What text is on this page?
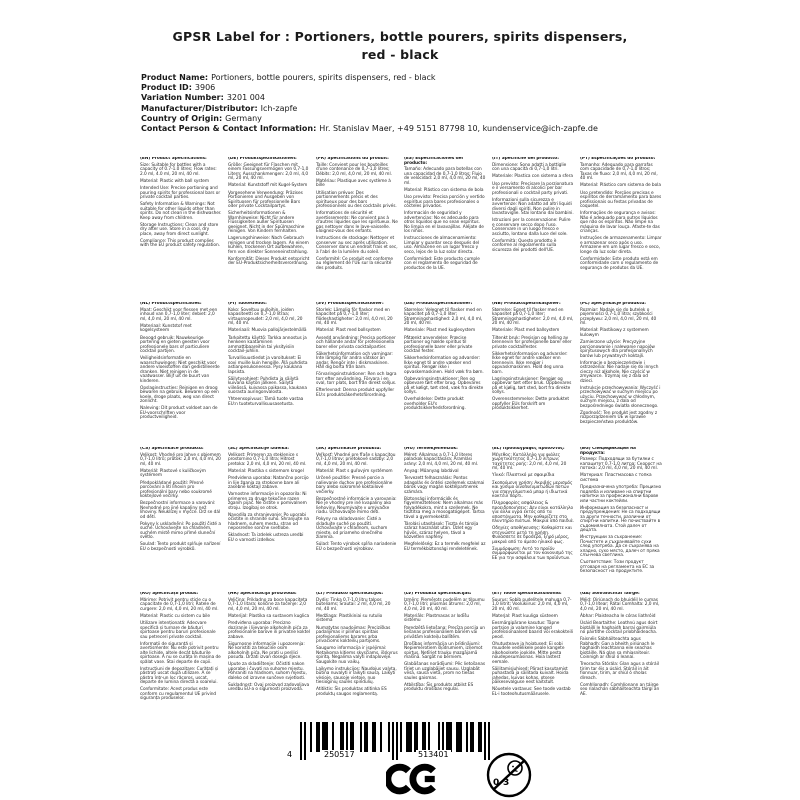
GPSR Label for : Portioners, bottle pourers, spirits dispensers,
red - black
Product Name: Portioners, bottle pourers, spirits dispensers, red - black
Product ID: 3906
Variation Number: 3201 004
Manufacturer/Distributor: Ich-zapfe
Country of Origin: Germany
Contact Person & Contact Information: Hr. Stanislav Maer, +49 5151 87798 10, kundenservice@ich-zapfe.de
(EN) Product Specifications:

Size: Suitable for bottles with a capacity of 0.7-1.0 litres; Flow rates: 2.0 ml, 4.0 ml, 20 ml, 40 ml.

Material: Plastic with ball system

Intended Use: Precise portioning and pouring spirits for professional bars or private cocktail parties.

Safety Information & Warnings: Not suitable for other liquids other than spirits. Do not clean in the dishwasher. Keep away from children.

Storage Instructions: Clean and store dry after use. Store in a cool, dry place, away from direct sunlight.

Compliance: This product complies with the EU product safety regulation.

(DE) Produktspezifikationen:

Größe: Geeignet für Flaschen mit einem Fassungsvermögen von 0,7-1,0 Litern; Ausschankmengen: 2,0 ml, 4,0 ml, 20 ml, 40 ml.

Material: Kunststoff mit Kugel-System

Vorgesehene Verwendung: Präzises Portionieren und Ausgeben von Spirituosen für professionelle Bars oder private Cocktailpartys.

Sicherheitsinformationen & Warnhinweise: Nicht für andere Flüssigkeiten außer Spirituosen geeignet. Nicht in der Spülmaschine reinigen. Von Kindern fernhalten.

Lagerungshinweise: Nach Gebrauch reinigen und trocken lagern. An einem kühlen, trockenen Ort aufbewahren, fern von direkter Sonneneinstrahlung.

Konformität: Dieses Produkt entspricht der EU-Produktsicherheitsverordnung.

(FR) Spécifications du produit:

Taille: Convient pour les bouteilles d'une contenance de 0,7-1,0 litres; Débits: 2,0 ml, 4,0 ml, 20 ml, 40 ml.

Matériau: Plastique avec système à bille

Utilisation prévue: Des portionnements précis et des spiritueux pour des bars professionnels ou des cocktails privés.

Informations de sécurité et avertissements: Ne convient pas à d'autres liquides que les spiritueux. Ne pas nettoyer dans le lave-vaisselle. Éloignez-vous des enfants.

Instructions de stockage: Nettoyer et conserver au sec après utilisation. Conserver dans un endroit frais et sec, à l'abri de la lumière du soleil.

Conformité: Ce produit est conforme au règlement de l'UE sur la sécurité des produits.

(ES) Especificaciones del producto:

Tamaño: Adecuado para botellas con una capacidad de 0,7-1,0 litros; Flujo de velocidad: 2,0 ml, 4,0 ml, 20 ml, 40 ml.

Material: Plástico con sistema de bola

Uso previsto: Precisa porción y vertido espíritus para bares profesionales o cócteles privados.

Información de seguridad y advertencias: No es adecuado para otros líquidos que no sean espíritus. No limpia en el lavavajillas. Aléjate de los niños.

Instrucciones de almacenamiento: Limpiar y guardar seco después del uso. Almacene en un lugar fresco y seco, lejos de la luz solar directa.

Conformidad: Este producto cumple con el reglamento de seguridad de productos de la UE.

(IT) Specifiche del prodotto:

Dimensione: Sono adatti a bottiglie con una capacità di 0,7-1,0 litri.

Materiale: Plastica con sistema a sfera

Uso previsto: Precisare la porzionatura e il versamento di alcolici per bar professionali o cocktail party privati.

Informazioni sulla sicurezza e avvertenze: Non adatto ad altri liquidi diversi dagli spiriti. Non pulire in lavastoviglie. Stai lontano dai bambini.

Istruzioni per la conservazione: Pulire e conservare secco dopo l'uso. Conservare in un luogo fresco e asciutto, lontano dalla luce del sole.

Conformità: Questo prodotto è conforme al regolamento sulla sicurezza dei prodotti dell'UE.

(PT) Especificações do produto:

Tamanho: Adequado para garrafas com capacidade de 0,7-1,0 litros; Taxas de fluxo: 2,0 ml, 4,0 ml, 20 ml, 40 ml.

Material: Plástico com sistema de bola

Uso pretendido: Porções precisas e espíritos de derramamento para bares profissionais ou festas privadas de coquetel.

Informações de segurança e avisos: Não é adequado para outros líquidos que não os espíritos. Não limpe na máquina de lavar louça. Afaste-te das crianças.

Instruções de armazenamento: Limpar e armazenar seco após o uso. Armazene em um lugar fresco e seco, longe da luz solar direta.

Conformidade: Este produto está em conformidade com o regulamento de segurança de produtos da UE.

(NL) Productspecificaties:

Maat: Geschikt voor flessen met een inhoud van 0,7-1,0 liter; debiet: 2,0 ml, 4,0 ml, 20 ml, 40 ml.

Materiaal: Kunststof met kogelsysteem

Beoogd gebruik: Nauwkeurige portering en gieten geesten voor professionele bars of particuliere cocktail partijen.

Veiligheidsinformatie en waarschuwingen: Niet geschikt voor andere vloeistoffen dan gedistilleerde dranken. Niet reinigen in de vaatwasser. Blijf uit de buurt van kinderen.

Opslaginstructies: Reinigen en droog bewaren na gebruik. Bewaren op een koele, droge plaats, weg van direct zonlicht.

Naleving: Dit product voldoet aan de EU-voorschriften voor productveiligheid.

(FI) Tuotetiedot:

Koko: Soveltuu pulloihin, joiden kapasiteetti on 0,7-1,0 litraa; virtausnopeudet: 2,0 ml, 4,0 ml, 20 ml, 40 ml.

Materiaali: Muovia pallojärjestelmällä

Tarkoitettu käyttö: Tarkka annostus ja henkeen kaataminen ammattibaareihin tai yksityisiin cocktail-juhliin.

Turvallisuustiedot ja varoitukset: Ei sovi muille kuin hengille. Älä puhdista astianpesukoneessa. Pysy kaukana lapsista.

Säilytysohjeet: Puhdista ja säilytä kuivana käytön jälkeen. Säilytä viileässä, kuivassa paikassa, kaukana suorasta auringonvalosta.

Yhteensopivuus: Tämä tuote vastaa EU:n tuoteturvallisuusasetusta.

(SV) Produktspecifikationer:

Storlek: Lämplig för flaskor med en kapacitet på 0,7-1,0 liter; flödeshastigheter: 2,0 ml, 4,0 ml, 20 ml, 40 ml.

Material: Plast med bollsystem

Avsedd användning: Precisa portioner och hällande andar för professionella barer eller privata cocktailpartier.

Säkerhetsinformation och varningar: Inte lämplig för andra vätskor än andar. Rengör inte i diskmaskinen. Håll dig borta från barn.

Förvaringsinstruktioner: Ren och lagra torr efter användning. Förvara i en sval, torr plats, bort från direkt solljus.

Efterlevnad: Denna produkt uppfyller EU:s produktsäkerhetsförordning.

(DA) Produktspecifikationer:

Størrelse: Velegnet til flasker med en kapacitet på 0,7-1,0 liter; Strømningshastighed: 2,0 ml, 4,0 ml, 20 ml, 40 ml.

Materiale: Plast med kuglesystem

Påtænkt anvendelse: Præcise portioner og hælde spiritus til professionelle barer eller private cocktail fester.

Sikkerhedsinformation og advarsler: Ikke egnet til andre væsker end spiritus. Rengør ikke i opvaskemaskinen. Hold væk fra børn.

Opbevaringsinstruktioner: Ren og opbevare tørt efter brug. Opbevares på et køligt, tørt sted, væk fra direkte sollys.

Overholdelse: Dette produkt overholder EU's produktsikkerhedsforordning.

(NB) Produktspesifikasjoner:

Størrelse: Egnet til flasker med en kapasitet på 0,7-1,0 liter; Strømningshastigheter: 2,0 ml, 4,0 ml, 20 ml, 40 ml.

Materiale: Plast med ballsystem

Tiltenkt bruk: Presisjon og helling av brennevin for profesjonelle barer eller private cocktailfester.

Sikkerhetsinformasjon og advarsler: Ikke egnet for andre væsker enn brennevin. Ikke rengjør i oppvaskmaskinen. Hold deg unna barn.

Lagringsinstruksjoner: Rengjør og oppbevar tørt etter bruk. Oppbevares på et kjølig, tørt sted, bort fra direkte sollys.

Overensstemmelse: Dette produktet oppfyller EUs forskrift om produktsikkerhet.

(PL) Specyfikacje produktu:

Rozmiar: Nadaje się do butelek o pojemności 0,7-1,0 litra; szybkości przepływu: 2,0 ml, 4,0 ml, 20 ml, 40 ml.

Materiał: Plastikowy z systemem kulowym

Zamierzone użycie: Precyzyjne porcjonowanie i nalewanie napojów spirytusowych dla profesjonalnych barów lub prywatnych koktajli.

Informacje o bezpieczeństwie i ostrzeżenia: Nie nadaje się do innych cieczy niż alkohole. Nie czyścić w zmywarce. Trzymaj się z dala od dzieci.

Instrukcje przechowywania: Wyczyść i przechowywać w suchym miejscu po użyciu. Przechowywać w chłodnym, suchym miejscu, z dala od bezpośredniego światła słonecznego.

Zgodność: Ten produkt jest zgodny z rozporządzeniem UE w sprawie bezpieczeństwa produktów.

(CS) Specifikace produktu:

Velikost: Vhodné pro lahve s objemem 0,7-1,0 litrů; průtok: 2,0 ml, 4,0 ml, 20 ml, 40 ml.

Materiál: Plastové s kuličkovým systémem

Předpokládané použití: Přesné porcování a lití lihovin pro profesionální bary nebo soukromé koktejlové večírky.

Bezpečnostní informace a varování: Nevhodné pro jiné kapaliny než lihoviny. Neuklízej v myčce. Drž se dál od dětí.

Pokyny k uskladnění: Po použití čisté a suché. Uchovávejte na chladném, suchém místě mimo přímé sluneční světlo.

Soulad: Tento produkt splňuje nařízení EU o bezpečnosti výrobků.

(SL) Specifikacije izdelka:

Velikost: Primeren za steklenice s prostornino 0,7-1,0 litra; Hitrost pretoka: 2,0 ml, 4,0 ml, 20 ml, 40 ml.

Material: Plastika s sistemom krogel

Predvidena uporaba: Natančno porcijo in lije žganja za strokovne bare ali zasebne koktajl zabave.

Varnostne informacije in opozorila: Ni primeren za druge tekočine razen žganih pijač. Ne čistite v pomivalnem stroju. Izogibaj se otrok.

Navodila za shranjevanje: Po uporabi očistite in shranite suho. Shranjujte na hladnem, suhem mestu, stran od neposredne sončne svetlobe.

Skladnost: Ta izdelek ustreza uredbi EU o varnosti izdelkov.

(SK) Špecifikácie produktu:

Veľkosť: Vhodné pre fľaše s kapacitou 0,7-1,0 litrov; prietokové sadzby: 2,0 ml, 4,0 ml, 20 ml, 40 ml.

Materiál: Plast s guľovým systémom

Určené použitie: Presné porcie a nalievanie duchov pre profesionálne bary alebo súkromné koktailové večierky.

Bezpečnostné informácie a varovania: Nie je vhodný pre iné kvapaliny ako liehoviny. Neumývajte v umývačke riadu. Uchovávajte mimo detí.

Pokyny na skladovanie: Čisté a skladujte suché po použití. Uchovávajte v chladnom, suchom mieste, od priameho slnečného žiarenia.

Súlad: Tento výrobok spĺňa nariadenie EÚ o bezpečnosti výrobkov.

(HU) Termékjellemzők:

Méret: Alkalmas a 0,7-1,0 literes palackok kapacitására; Áramlási arány: 2,0 ml, 4,0 ml, 20 ml, 40 ml.

Anyag: Műanyag labdával

Tervezett felhasználás: Pontos adagolás és öntési szellemek szakmai bárok vagy magán koktélpartnerek számára.

Biztonsági információk és figyelmeztetések: Nem alkalmas más folyadékokra, mint a szellemek. Ne tisztítsa meg a mosogatógépet. Tartsa távol a gyermekektől.

Tárolási utasítások: Tiszta és tárolja száraz használat után. Üzlet egy hűvös, száraz helyen, távol a közvetlen napfény.

Megfelelőség: Ez a termék megfelel az EU termékbiztonsági rendeletének.

(EL) Προδιαγραφές προϊόντος:

Μέγεθος: Κατάλληλο για φιάλες χωρητικότητας 0,7-1,0 λίτρων; ταχύτητες ροής: 2,0 ml, 4,0 ml, 20 ml, 40 ml.

Υλικό: Πλαστικό με σφαιρίδια

Σκοπούμενη χρήση: Ακριβής μερισμός και χύσιμο οινοπνευματωδών ποτών για επαγγελματικά μπαρ ή ιδιωτικά κοκτέιλ πάρτι.

Πληροφορίες ασφάλειας & προειδοποιήσεις: Δεν είναι κατάλληλο για άλλα υγρά εκτός από τα αποστάγματα. Μην καθαρίζετε στο πλυντήριο πιάτων. Μακριά από παιδιά.

Οδηγίες αποθήκευσης: Καθαρίστε και στεγνώστε μετά τη χρήση. Φυλάσσετε σε δροσερό, ξηρό μέρος, μακριά από το άμεσο ηλιακό φως.

Συμμόρφωση: Αυτό το προϊόν συμμορφώνεται με τον κανονισμό της ΕΕ για την ασφάλεια των προϊόντων.

(BG) Спецификация на продукта:

Размер: Подходящи за бутилки с капацитет 0,7-1,0 литра; Скорост на потока: 2,0 ml, 4,0 ml, 20 ml, 40 ml.

Материал: Пластмасова с топка система

Предназначена употреба: Прецизно подялба и изливане на спиртни напитки за професионални барове или частни коктейли.

Информация за безопасност и предупреждения: Не са подходящи за други течности, различни от спиртни напитки. Не почиствайте в съдомиялната. Стой далеч от децата.

Инструкции за съхранение: Почистете и съхранявайте сухи след употреба. Да се съхранява на хладно, сухо място, далеч от пряка слънчева светлина.

Съответствие: Този продукт отговаря на регламента на ЕС за безопасност на продуктите.

(RO) Specificații produs:

Mărime: Potrivit pentru sticle cu o capacitate de 0,7-1,0 litri; Ratele de curgere: 2,0 ml, 4,0 ml, 20 ml, 40 ml.

Material: Plastic cu sistem cu bile

Utilizare intenționată: Adecvare specifică și turnare de băuturi spirtoase pentru baruri profesionale sau petreceri private cocktail.

Informații de siguranță și avertismente: Nu este potrivit pentru alte lichide, altele decât băuturile spirtoase. A nu se curăța în mașina de spălat vase. Stai departe de copii.

Instrucțiuni de depozitare: Curățați și păstrați uscat după utilizare. A se păstra într-un loc răcoros, uscat, departe de lumina directă a soarelui.

Conformitate: Acest produs este conform cu regulamentul UE privind siguranța produselor.

(HR) Specifikacija proizvoda:

Veličina: Prikladno za boce kapaciteta 0,7-1,0 litara; količine za točenje: 2,0 ml, 4,0 ml, 20 ml, 40 ml.

Materijal: Plastika sa sustavom kuglica

Predviđena uporaba: Precizno doziranje i lijevanje alkoholnih pića za profesionalne barove ili privatne koktel zabave.

Sigurnosne informacije i upozorenja: Ne koristiti za tekućine osim alkoholnih pića. Ne prati u perilici posuđa. Držati izvan dosega djece.

Upute za skladištenje: Očistiti nakon uporabe i čuvati na suhome mjestu. Pohraniti na hladnom, suhom mjestu, daleko od izravne sunčeve svjetlosti.

Sukladnost: Ovaj proizvod zadovoljava uredbu EU-a o sigurnosti proizvoda.

(LT) Produkto specifikacijos:

Dydis: Tinka 0,7-1,0 litrų talpos buteliams; Srautai: 2 ml, 4,0 ml, 20 ml, 40 ml.

Medžiaga: Plastikiniai su rutulio sistema

Numatytas naudojimas: Preciziškas padalijimas ir pilimas spiritais profesionaliems barams arba privačioms kokteilių partijoms.

Saugumo informacija ir įspėjimai: Netaikoma kitiems skysčiams, išskyrus spiritą. Negalima valyti indaplovėje. Saugokite nuo vaikų.

Laikymo instrukcijos: Naudojus valyta, būtina nuvalyti ir laikyti sausą. Laikyti vėsioje, sausoje vietoje, nuo tiesioginių saulės spindulių.

Atitiktis: Šis produktas atitinka ES produktų saugos reglamentą.

(LV) Produkta specifikācijas:

Izmērs: Piemērots pudelēm ar tilpumu 0,7-1,0 litri; plūsmas ātrums: 2,0 ml, 4,0 ml, 20 ml, 40 ml.

Materiāls: Plastmasas ar lodīšu sistēmu

Paredzētā lietošana: Precīza porcija un liešanas profesionāliem bāriem vai privātām kokteiļu ballītēm.

Drošības informācija un brīdinājumi: Nepiemērotiem šķidrumiem, izņemot spirtus. Netīriet trauku mazgājamā mašīnā. Sargāt no bērniem.

Glabāšanas norādījumi: Pēc lietošanas tīriet un uzglabājiet sausu. Uzglabāt vēsā, sausā vietā, prom no tiešas saules gaismas.

Atbilstība: Šis produkts atbilst ES produktu drošības regulai.

(ET) Toote spetsifikatsioonid:

Suurus: Sobib pudelitele mahuga 0,7-1,0 liitrit; Voolukiirus: 2,0 ml, 4,0 ml, 20 ml, 40 ml.

Materjal: Plast kuuliga süsteem

Eesmärgipärane kasutus: Täpne portsjon ja valamine kanged professionaalsed baarid või erakokteili peod.

Ohutusteave ja hoiatused: Ei sobi muudele vedelikele peale kangete alkohoolsete jookide. Mitte pesta nõudepesumasinas. Hoia lastest eemale.

Säilitamisjuhised: Pärast kasutamist puhastada ja säilitada kuivalt. Hoida jahedas, kuivas kohas, otsese päikesevalguse eest kaitstult.

Nõuetele vastavus: See toode vastab EL-i tooteohutusmäärusele.

(GA) Sonraíochtaí Táirge:

Méid: Oiriúnach do bhuidéil le cumas 0,7-1,0 lítear; Rátaí Comhalta: 2,0 ml, 4,0 ml, 20 ml, 40 ml.

Ábhar: Plaisteacha le córas liathróid

Úsáid Beartaithe: Leathnú agus doirt biotáillí le haghaidh barraí gairmiúla nó páirtithe cocktail príobháideacha.

Faisnéis Sábháilteachta agus Rabhadh: Gan a bheith oiriúnach le haghaidh leachtanna eile seachas biotáille. Ná glan sa mhiasniteoir. Coinnigh ar shiúl ó leanaí.

Treoracha Stórála: Glan agus a stóráil tirim tar éis a úsáid. Stóráil in áit fionnuar, tirim, ar shiúl ó sholas díreach.

Comhlíonadh: Comhlíonann an táirge seo rialachán sábháilteachta táirgí an AE.

4	250517	513401
0-3
